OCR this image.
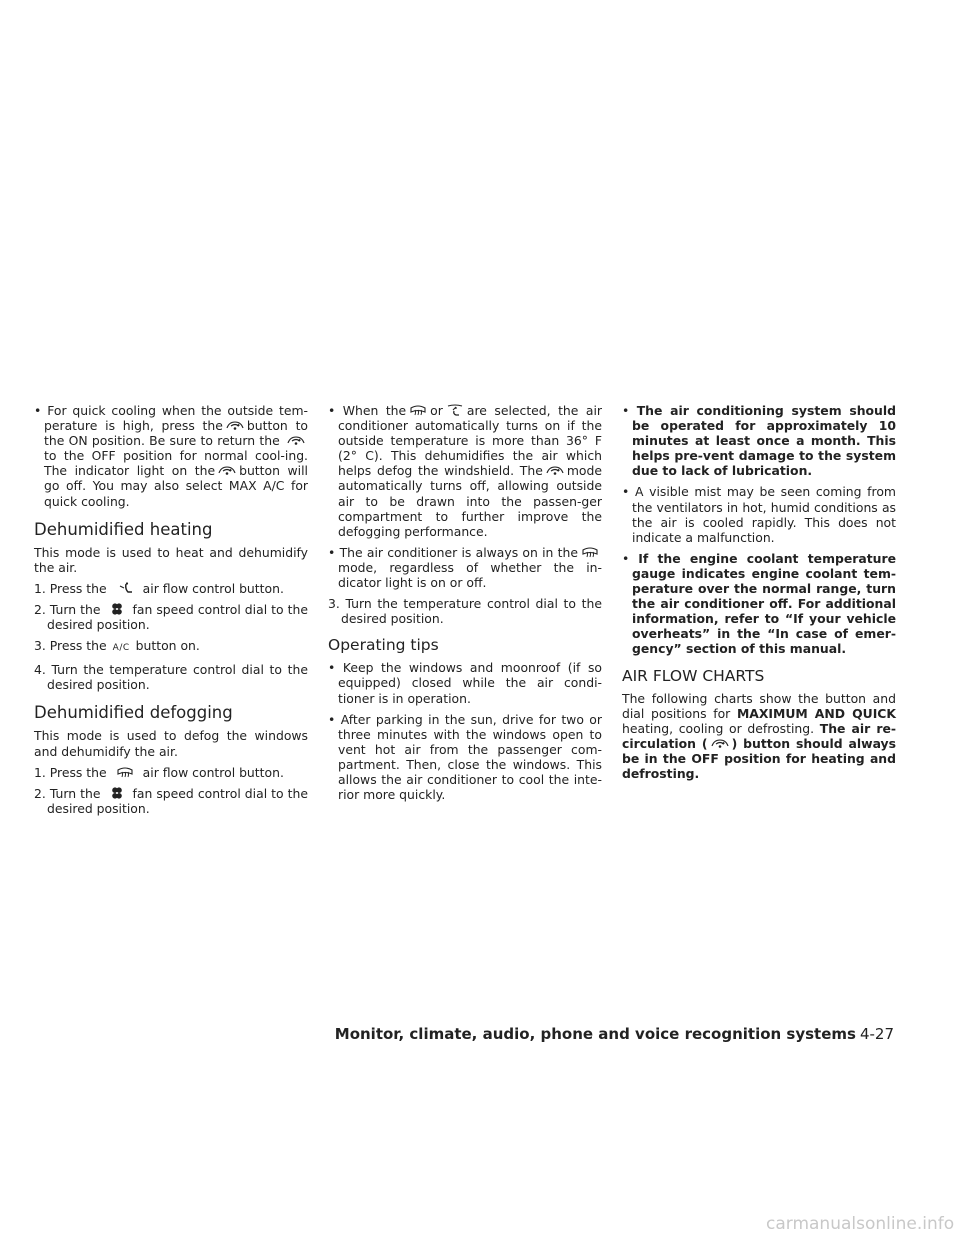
• For quick cooling when the outside tem-perature is high, press the button to the ON position. Be sure to return the
to the OFF position for normal cool-ing. The indicator light on the button will go off. You may also select MAX A/C for quick cooling.
Dehumidified heating

This mode is used to heat and dehumidify the air.

1. Press the	air flow control button.
2. Turn the	fan speed control dial to the desired position.
3. Press the A/C button on.
4. Turn the temperature control dial to the desired position.
Dehumidified defogging

This mode is used to defog the windows and dehumidify the air.

1. Press the	air flow control button.
2. Turn the	fan speed control dial to the desired position.
• When the or are selected, the air conditioner automatically turns on if the outside temperature is more than 36° F (2° C). This dehumidifies the air which helps defog the windshield. The mode automatically turns off, allowing outside air to be drawn into the passen-ger compartment to further improve the defogging performance.
• The air conditioner is always on in the
mode, regardless of whether the in-dicator light is on or off.
3. Turn the temperature control dial to the desired position.
Operating tips
• Keep the windows and moonroof (if so equipped) closed while the air condi-tioner is in operation.
• After parking in the sun, drive for two or three minutes with the windows open to vent hot air from the passenger com-partment. Then, close the windows. This allows the air conditioner to cool the inte-rior more quickly.
• The air conditioning system should be operated for approximately 10 minutes at least once a month. This helps pre-vent damage to the system due to lack of lubrication.
• A visible mist may be seen coming from the ventilators in hot, humid conditions as the air is cooled rapidly. This does not indicate a malfunction.
• If the engine coolant temperature gauge indicates engine coolant tem-perature over the normal range, turn the air conditioner off. For additional information, refer to “If your vehicle overheats” in the “In case of emer-gency” section of this manual.
AIR FLOW CHARTS

The following charts show the button and dial positions for MAXIMUM AND QUICK heating, cooling or defrosting. The air re-circulation ( ) button should always be in the OFF position for heating and defrosting.

Monitor, climate, audio, phone and voice recognition systems 4-27
carmanualsonline.info
